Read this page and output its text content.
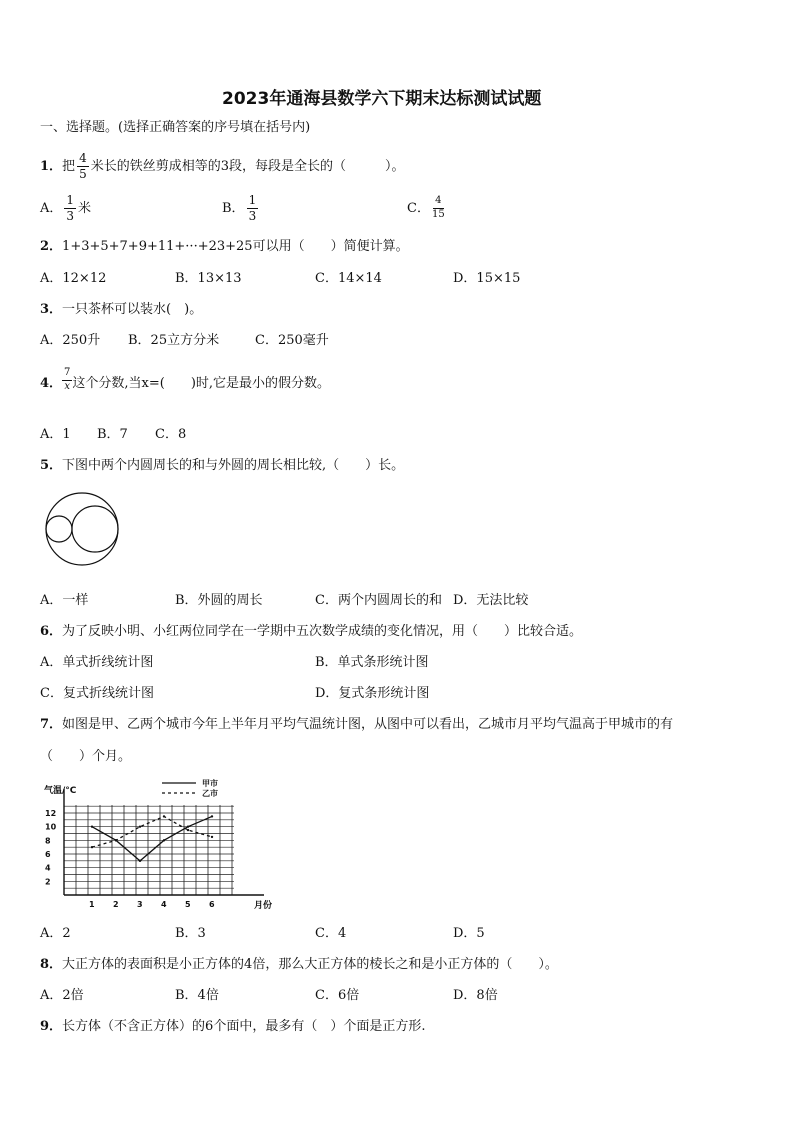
2023年通海县数学六下期末达标测试试题
一、选择题。(选择正确答案的序号填在括号内)
1． 把 $\frac{4}{5}$ 米长的铁丝剪成相等的3段，每段是全长的（　　　）。
A． $\frac{1}{3}$ 米	B． $\frac{1}{3}$	C． $\frac{4}{15}$
2．1+3+5+7+9+11+···+23+25可以用（　　）简便计算。
A．12×12	B．13×13	C．14×14	D．15×15
3．一只茶杯可以装水(　)。
A．250升 B．25立方分米	C．250毫升
4． $\frac{7}{x}$ 这个分数,当x=(　　)时,它是最小的假分数。
A．1 B．7 C．8
5．下图中两个内圆周长的和与外圆的周长相比较,（　　）长。
A．一样	B．外圆的周长	C．两个内圆周长的和 D．无法比较
6．为了反映小明、小红两位同学在一学期中五次数学成绩的变化情况，用（　　）比较合适。
A．单式折线统计图	B．单式条形统计图
C．复式折线统计图	D．复式条形统计图
7．如图是甲、乙两个城市今年上半年月平均气温统计图，从图中可以看出，乙城市月平均气温高于甲城市的有
（　　）个月。
2
4
6
8
10
12
1 2 3 4 5 6
气温/°C
月份
甲市
乙市
A．2	B．3	C．4	D．5
8．大正方体的表面积是小正方体的4倍，那么大正方体的棱长之和是小正方体的（　　）。
A．2倍	B．4倍	C．6倍	D．8倍
9．长方体（不含正方体）的6个面中，最多有（　）个面是正方形.
